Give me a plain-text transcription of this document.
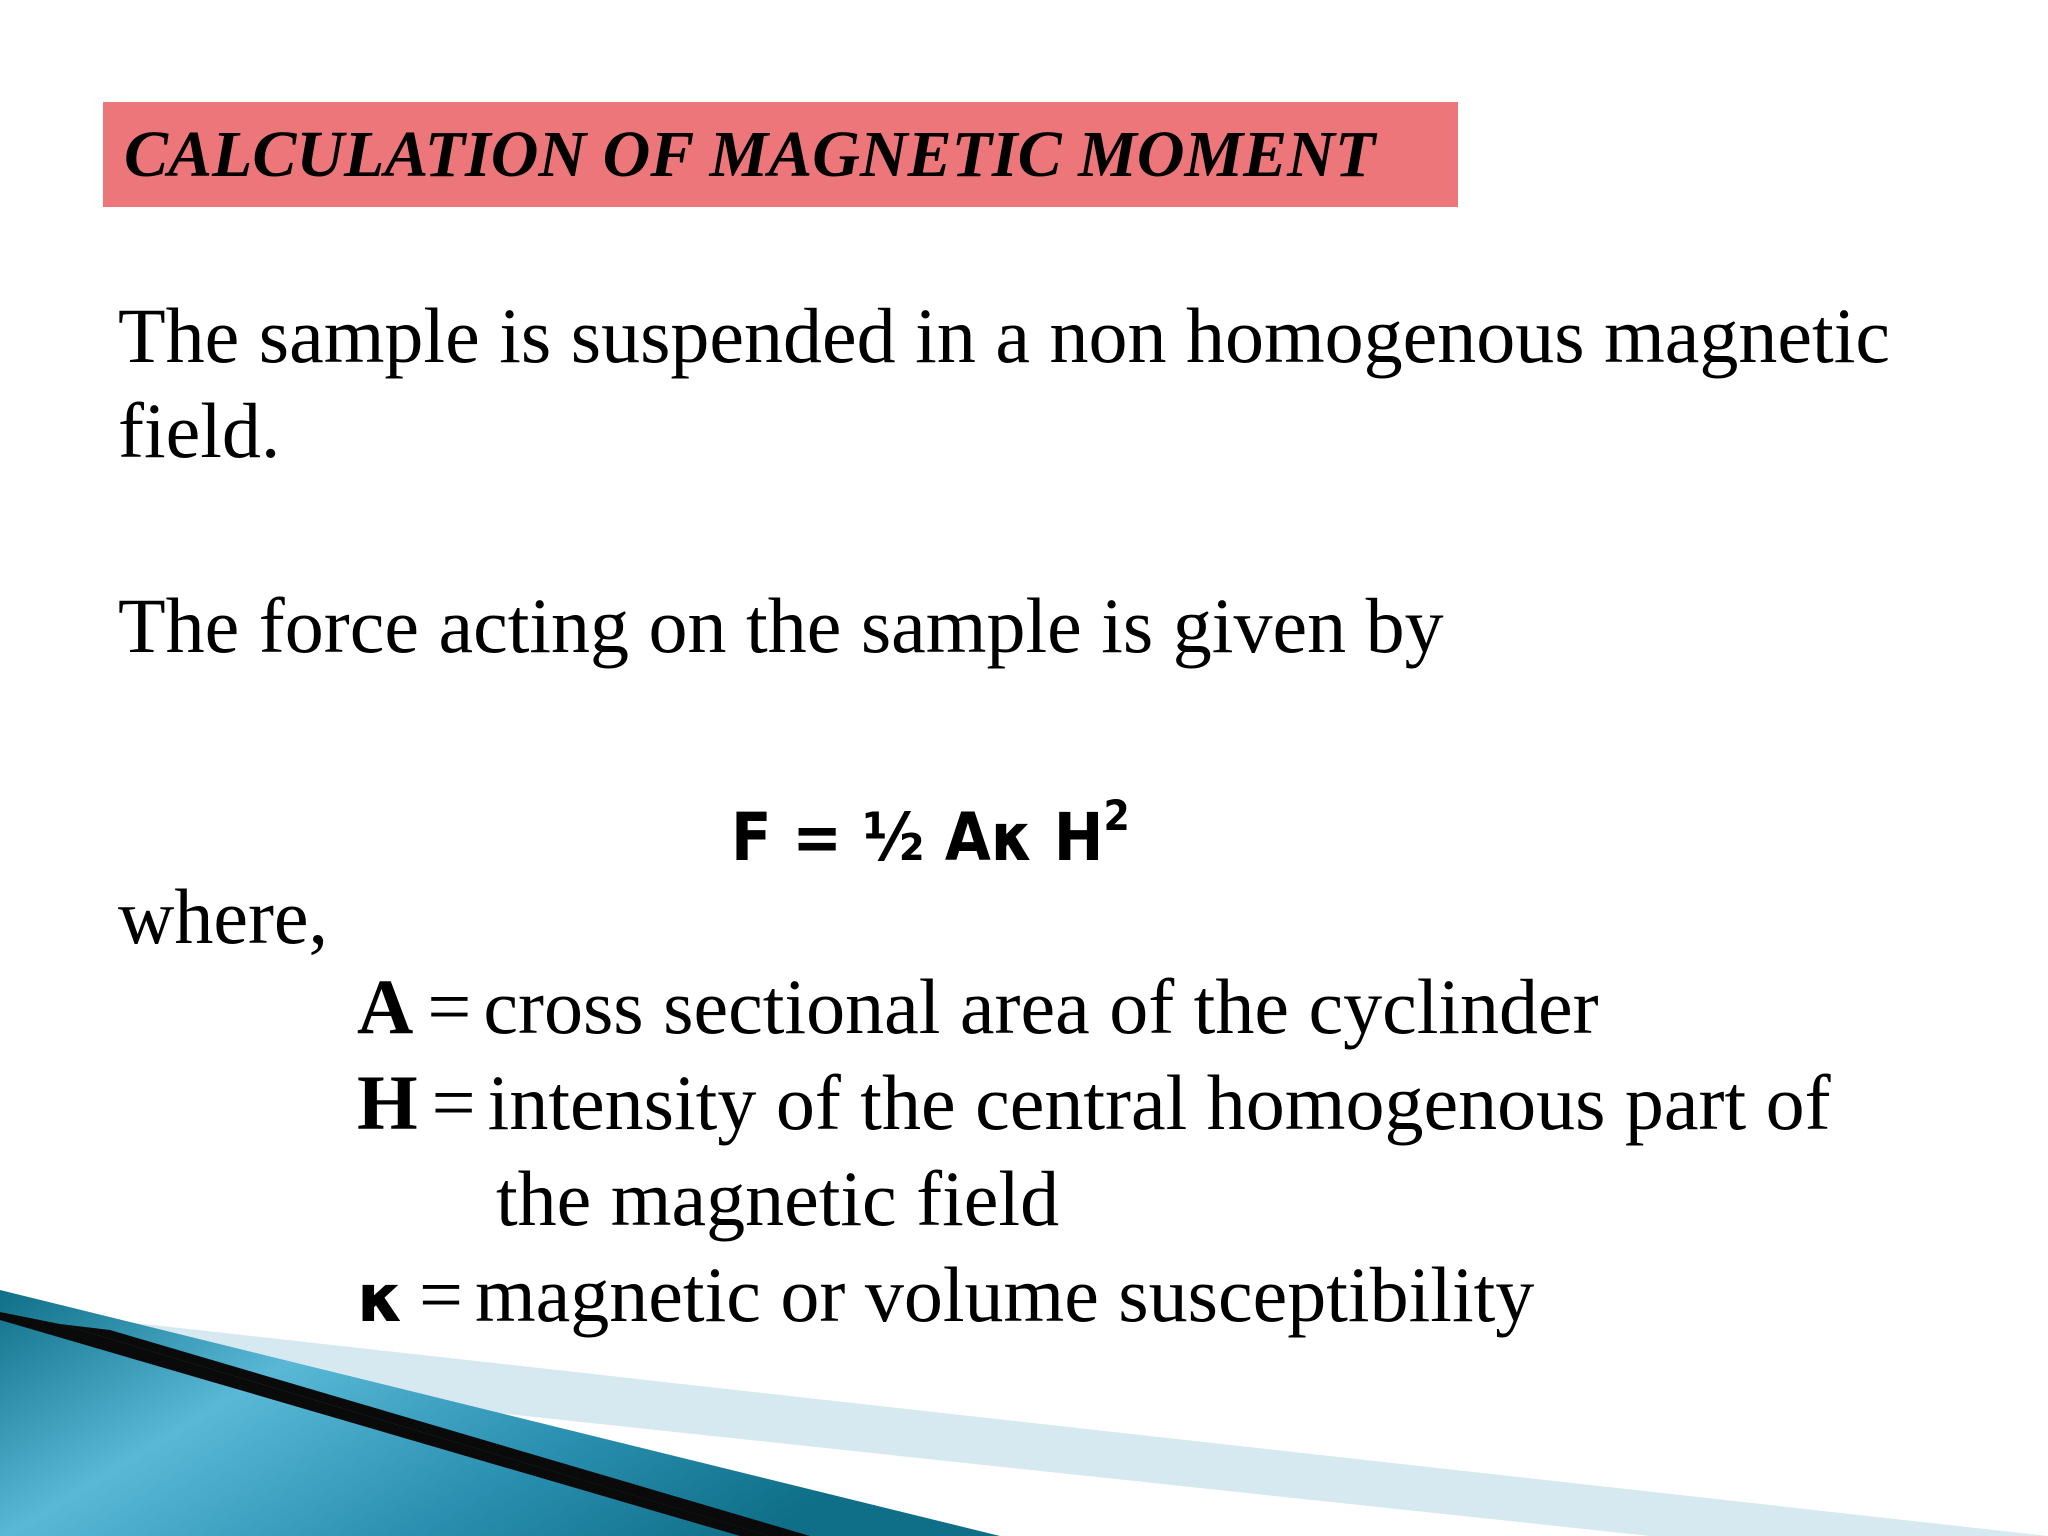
CALCULATION OF MAGNETIC MOMENT
The sample is suspended in a non homogenous magnetic
field.
The force acting on the sample is given by
F = ½ Aκ $H^2$
where,
A = cross sectional area of the cyclinder
H = intensity of the central homogenous part of
the magnetic field
κ = magnetic or volume susceptibility
